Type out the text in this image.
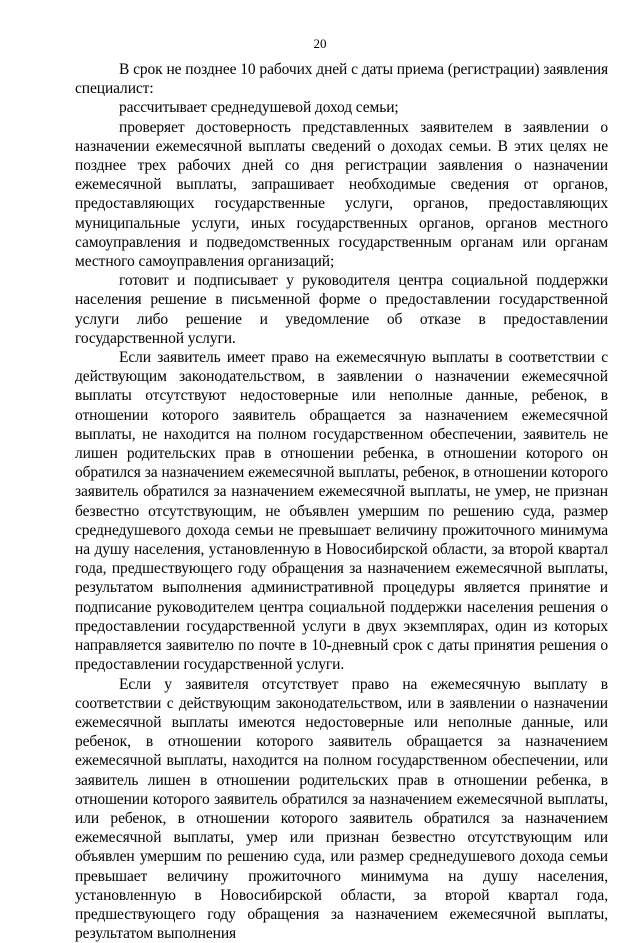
20

В срок не позднее 10 рабочих дней с даты приема (регистрации) заявления специалист:

рассчитывает среднедушевой доход семьи;

проверяет достоверность представленных заявителем в заявлении о назначении ежемесячной выплаты сведений о доходах семьи. В этих целях не позднее трех рабочих дней со дня регистрации заявления о назначении ежемесячной выплаты, запрашивает необходимые сведения от органов, предоставляющих государственные услуги, органов, предоставляющих муниципальные услуги, иных государственных органов, органов местного самоуправления и подведомственных государственным органам или органам местного самоуправления организаций;

готовит и подписывает у руководителя центра социальной поддержки населения решение в письменной форме о предоставлении государственной услуги либо решение и уведомление об отказе в предоставлении государственной услуги.

Если заявитель имеет право на ежемесячную выплаты в соответствии с действующим законодательством, в заявлении о назначении ежемесячной выплаты отсутствуют недостоверные или неполные данные, ребенок, в отношении которого заявитель обращается за назначением ежемесячной выплаты, не находится на полном государственном обеспечении, заявитель не лишен родительских прав в отношении ребенка, в отношении которого он обратился за назначением ежемесячной выплаты, ребенок, в отношении которого заявитель обратился за назначением ежемесячной выплаты, не умер, не признан безвестно отсутствующим, не объявлен умершим по решению суда, размер среднедушевого дохода семьи не превышает величину прожиточного минимума на душу населения, установленную в Новосибирской области, за второй квартал года, предшествующего году обращения за назначением ежемесячной выплаты, результатом выполнения административной процедуры является принятие и подписание руководителем центра социальной поддержки населения решения о предоставлении государственной услуги в двух экземплярах, один из которых направляется заявителю по почте в 10-дневный срок с даты принятия решения о предоставлении государственной услуги.

Если у заявителя отсутствует право на ежемесячную выплату в соответствии с действующим законодательством, или в заявлении о назначении ежемесячной выплаты имеются недостоверные или неполные данные, или ребенок, в отношении которого заявитель обращается за назначением ежемесячной выплаты, находится на полном государственном обеспечении, или заявитель лишен в отношении родительских прав в отношении ребенка, в отношении которого заявитель обратился за назначением ежемесячной выплаты, или ребенок, в отношении которого заявитель обратился за назначением ежемесячной выплаты, умер или признан безвестно отсутствующим или объявлен умершим по решению суда, или размер среднедушевого дохода семьи превышает величину прожиточного минимума на душу населения, установленную в Новосибирской области, за второй квартал года, предшествующего году обращения за назначением ежемесячной выплаты, результатом выполнения
